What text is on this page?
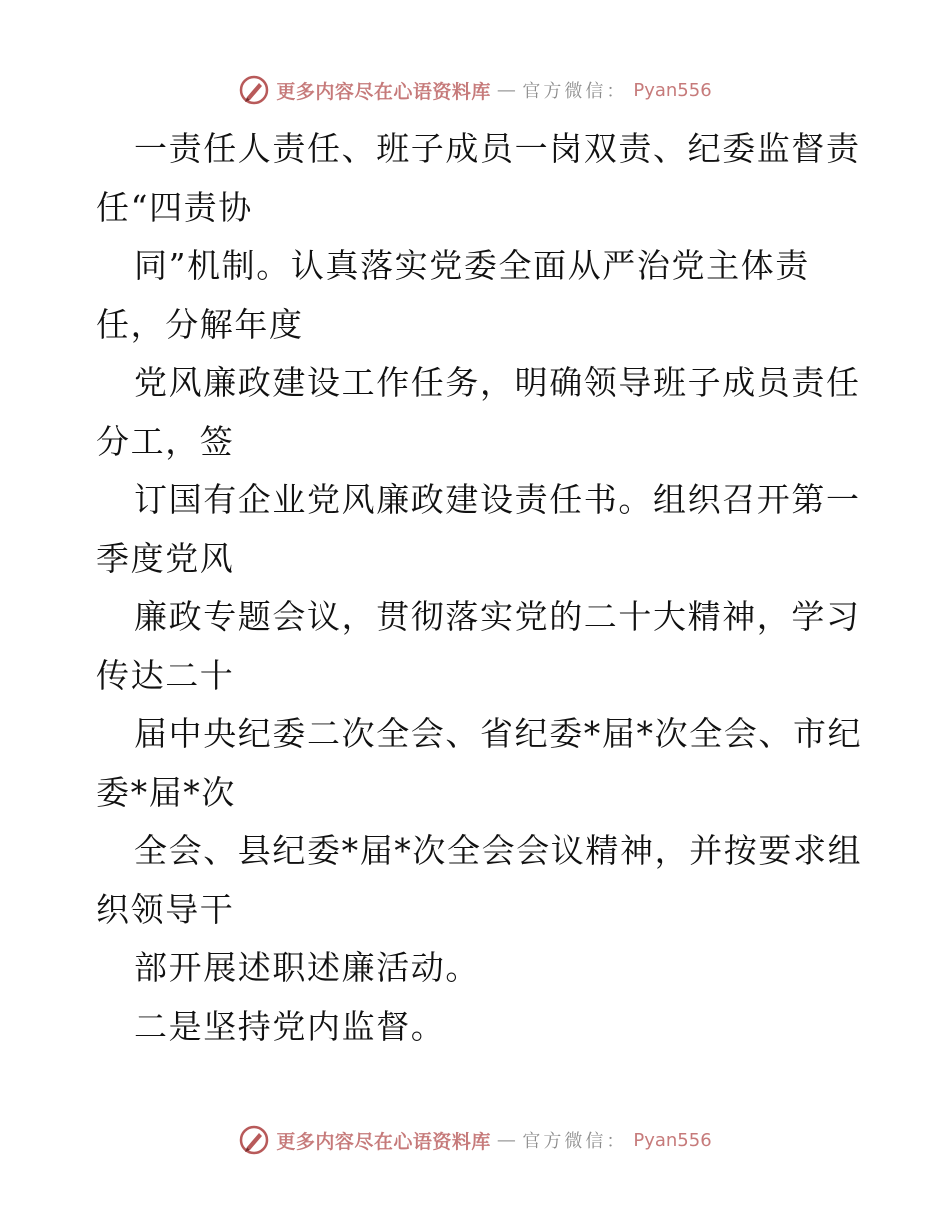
更多内容尽在心语资料库 — 官方微信： Pyan556
一责任人责任、班子成员一岗双责、纪委监督责
任“四责协
同”机制。认真落实党委全面从严治党主体责
任，分解年度
党风廉政建设工作任务，明确领导班子成员责任
分工，签
订国有企业党风廉政建设责任书。组织召开第一
季度党风
廉政专题会议，贯彻落实党的二十大精神，学习
传达二十
届中央纪委二次全会、省纪委*届*次全会、市纪
委*届*次
全会、县纪委*届*次全会会议精神，并按要求组
织领导干
部开展述职述廉活动。
二是坚持党内监督。
更多内容尽在心语资料库 — 官方微信： Pyan556
